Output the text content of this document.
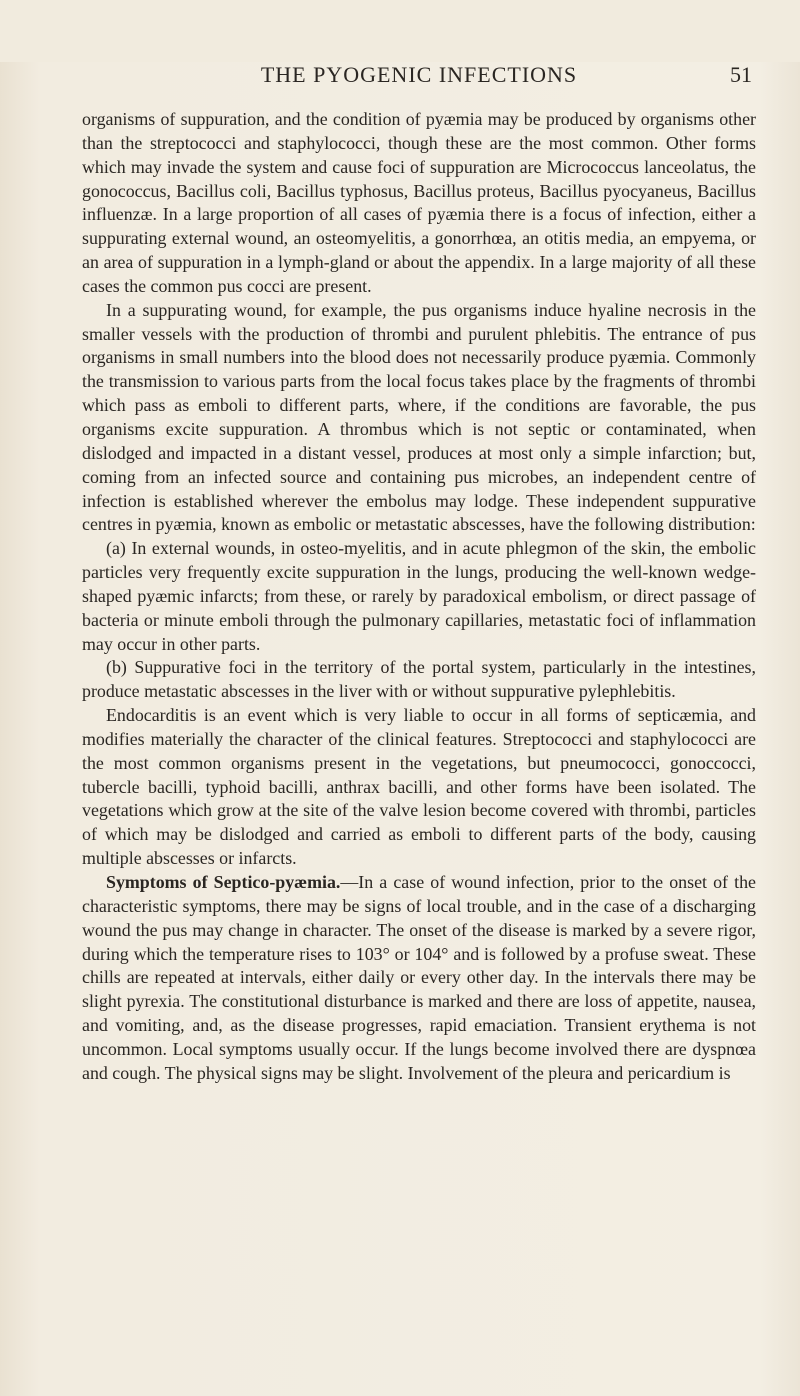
THE PYOGENIC INFECTIONS	51

organisms of suppuration, and the condition of pyæmia may be produced by organisms other than the streptococci and staphylococci, though these are the most common. Other forms which may invade the system and cause foci of suppuration are Micrococcus lanceolatus, the gonococcus, Bacillus coli, Bacillus typhosus, Bacillus proteus, Bacillus pyocyaneus, Bacillus influenzæ. In a large proportion of all cases of pyæmia there is a focus of infection, either a suppurating external wound, an osteomyelitis, a gonorrhœa, an otitis media, an empyema, or an area of suppuration in a lymph-gland or about the appendix. In a large majority of all these cases the common pus cocci are present.

In a suppurating wound, for example, the pus organisms induce hyaline necrosis in the smaller vessels with the production of thrombi and purulent phlebitis. The entrance of pus organisms in small numbers into the blood does not necessarily produce pyæmia. Commonly the transmission to various parts from the local focus takes place by the fragments of thrombi which pass as emboli to different parts, where, if the conditions are favorable, the pus organisms excite suppuration. A thrombus which is not septic or contaminated, when dislodged and impacted in a distant vessel, produces at most only a simple infarction; but, coming from an infected source and containing pus microbes, an independent centre of infection is established wherever the embolus may lodge. These independent suppurative centres in pyæmia, known as embolic or metastatic abscesses, have the following distribution:

(a) In external wounds, in osteo-myelitis, and in acute phlegmon of the skin, the embolic particles very frequently excite suppuration in the lungs, producing the well-known wedge-shaped pyæmic infarcts; from these, or rarely by paradoxical embolism, or direct passage of bacteria or minute emboli through the pulmonary capillaries, metastatic foci of inflammation may occur in other parts.

(b) Suppurative foci in the territory of the portal system, particularly in the intestines, produce metastatic abscesses in the liver with or without suppurative pylephlebitis.

Endocarditis is an event which is very liable to occur in all forms of septicæmia, and modifies materially the character of the clinical features. Streptococci and staphylococci are the most common organisms present in the vegetations, but pneumococci, gonoccocci, tubercle bacilli, typhoid bacilli, anthrax bacilli, and other forms have been isolated. The vegetations which grow at the site of the valve lesion become covered with thrombi, particles of which may be dislodged and carried as emboli to different parts of the body, causing multiple abscesses or infarcts.

Symptoms of Septico-pyæmia.—In a case of wound infection, prior to the onset of the characteristic symptoms, there may be signs of local trouble, and in the case of a discharging wound the pus may change in character. The onset of the disease is marked by a severe rigor, during which the temperature rises to 103° or 104° and is followed by a profuse sweat. These chills are repeated at intervals, either daily or every other day. In the intervals there may be slight pyrexia. The constitutional disturbance is marked and there are loss of appetite, nausea, and vomiting, and, as the disease progresses, rapid emaciation. Transient erythema is not uncommon. Local symptoms usually occur. If the lungs become involved there are dyspnœa and cough. The physical signs may be slight. Involvement of the pleura and pericardium is
